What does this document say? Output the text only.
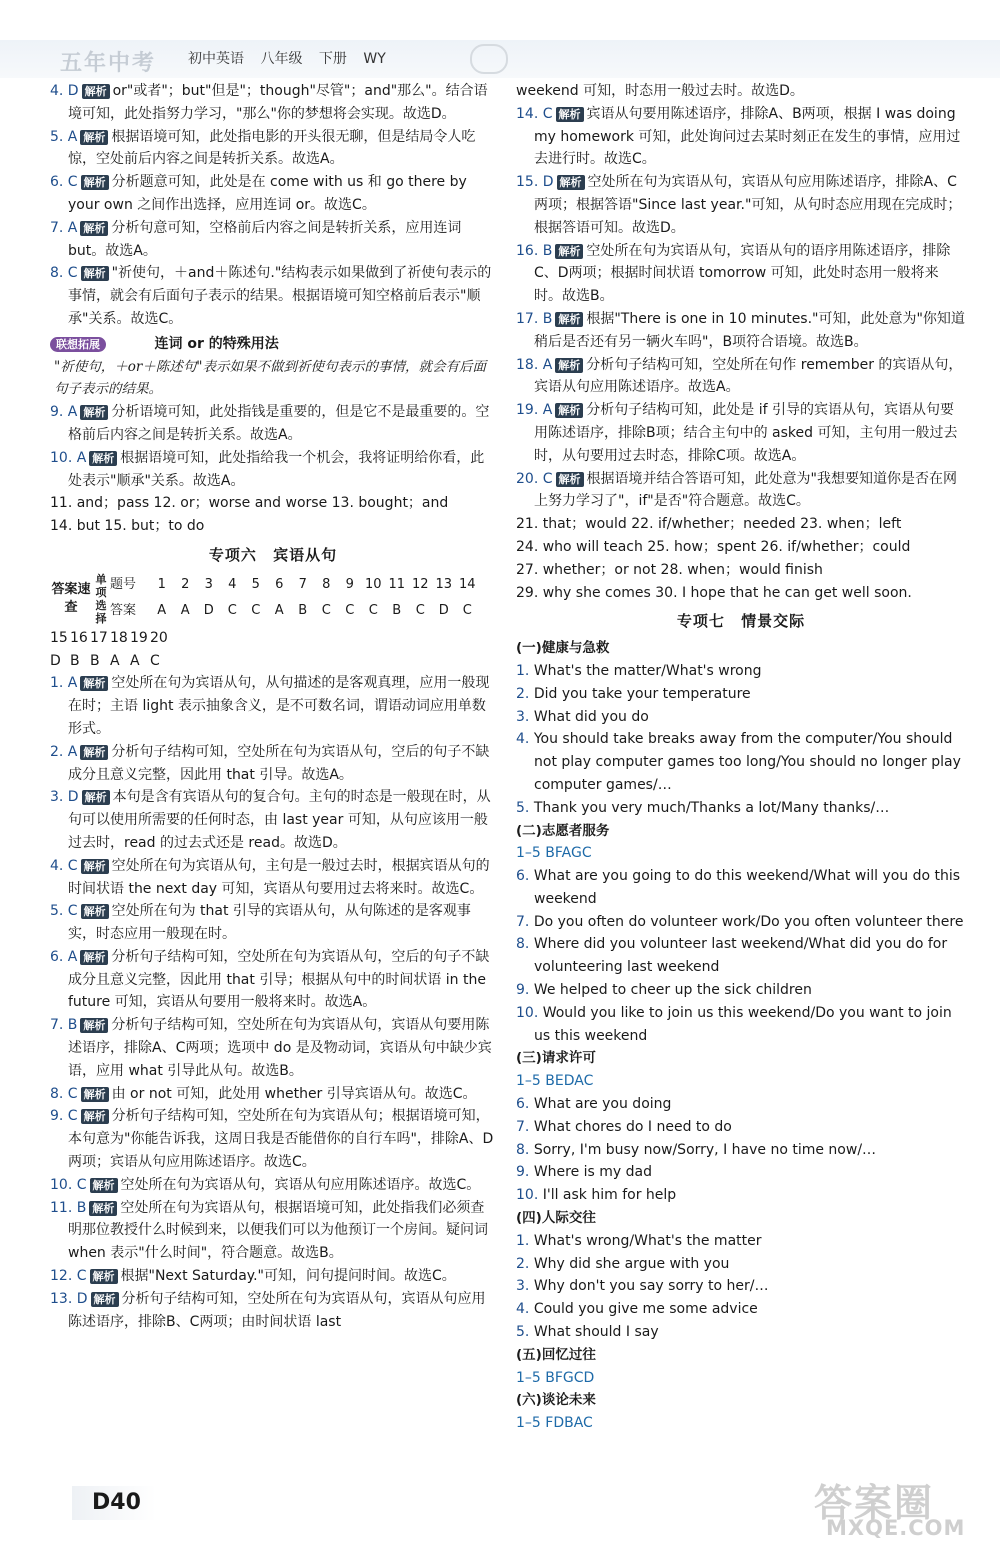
五年中考 初中英语 八年级 下册 WY

4. D 解析 or"或者"；but"但是"；though"尽管"；and"那么"。结合语境可知，此处指努力学习，"那么"你的梦想将会实现。故选D。

5. A 解析 根据语境可知，此处指电影的开头很无聊，但是结局令人吃惊，空处前后内容之间是转折关系。故选A。

6. C 解析 分析题意可知，此处是在 come with us 和 go there by your own 之间作出选择，应用连词 or。故选C。

7. A 解析 分析句意可知，空格前后内容之间是转折关系，应用连词 but。故选A。

8. C 解析 "祈使句，＋and＋陈述句."结构表示如果做到了祈使句表示的事情，就会有后面句子表示的结果。根据语境可知空格前后表示"顺承"关系。故选C。

联想拓展	连词 or 的特殊用法

"祈使句，＋or＋陈述句"表示如果不做到祈使句表示的事情，就会有后面句子表示的结果。

9. A 解析 分析语境可知，此处指钱是重要的，但是它不是最重要的。空格前后内容之间是转折关系。故选A。

10. A 解析 根据语境可知，此处指给我一个机会，我将证明给你看，此处表示"顺承"关系。故选A。

11. and；pass 12. or；worse and worse 13. bought；and

14. but 15. but；to do

专项六 宾语从句

答案速查	单项选择	题号	1 2 3 4 5 6 7 8 9 10 11 12 13 14
		答案	A A D C C A B C C C B C D C

15 16 17 18 19 20

D B B A A C

1. A 解析 空处所在句为宾语从句，从句描述的是客观真理，应用一般现在时；主语 light 表示抽象含义，是不可数名词，谓语动词应用单数形式。

2. A 解析 分析句子结构可知，空处所在句为宾语从句，空后的句子不缺成分且意义完整，因此用 that 引导。故选A。

3. D 解析 本句是含有宾语从句的复合句。主句的时态是一般现在时，从句可以使用所需要的任何时态，由 last year 可知，从句应该用一般过去时，read 的过去式还是 read。故选D。

4. C 解析 空处所在句为宾语从句，主句是一般过去时，根据宾语从句的时间状语 the next day 可知，宾语从句要用过去将来时。故选C。

5. C 解析 空处所在句为 that 引导的宾语从句，从句陈述的是客观事实，时态应用一般现在时。

6. A 解析 分析句子结构可知，空处所在句为宾语从句，空后的句子不缺成分且意义完整，因此用 that 引导；根据从句中的时间状语 in the future 可知，宾语从句要用一般将来时。故选A。

7. B 解析 分析句子结构可知，空处所在句为宾语从句，宾语从句要用陈述语序，排除A、C两项；选项中 do 是及物动词，宾语从句中缺少宾语，应用 what 引导此从句。故选B。

8. C 解析 由 or not 可知，此处用 whether 引导宾语从句。故选C。

9. C 解析 分析句子结构可知，空处所在句为宾语从句；根据语境可知，本句意为"你能告诉我，这周日我是否能借你的自行车吗"，排除A、D两项；宾语从句应用陈述语序。故选C。

10. C 解析 空处所在句为宾语从句，宾语从句应用陈述语序。故选C。

11. B 解析 空处所在句为宾语从句，根据语境可知，此处指我们必须查明那位教授什么时候到来，以便我们可以为他预订一个房间。疑问词 when 表示"什么时间"，符合题意。故选B。

12. C 解析 根据"Next Saturday."可知，问句提问时间。故选C。

13. D 解析 分析句子结构可知，空处所在句为宾语从句，宾语从句应用陈述语序，排除B、C两项；由时间状语 last

weekend 可知，时态用一般过去时。故选D。

14. C 解析 宾语从句要用陈述语序，排除A、B两项，根据 I was doing my homework 可知，此处询问过去某时刻正在发生的事情，应用过去进行时。故选C。

15. D 解析 空处所在句为宾语从句，宾语从句应用陈述语序，排除A、C两项；根据答语"Since last year."可知，从句时态应用现在完成时；根据答语可知。故选D。

16. B 解析 空处所在句为宾语从句，宾语从句的语序用陈述语序，排除C、D两项；根据时间状语 tomorrow 可知，此处时态用一般将来时。故选B。

17. B 解析 根据"There is one in 10 minutes."可知，此处意为"你知道稍后是否还有另一辆火车吗"，B项符合语境。故选B。

18. A 解析 分析句子结构可知，空处所在句作 remember 的宾语从句，宾语从句应用陈述语序。故选A。

19. A 解析 分析句子结构可知，此处是 if 引导的宾语从句，宾语从句要用陈述语序，排除B项；结合主句中的 asked 可知，主句用一般过去时，从句要用过去时态，排除C项。故选A。

20. C 解析 根据语境并结合答语可知，此处意为"我想要知道你是否在网上努力学习了"，if"是否"符合题意。故选C。

21. that；would 22. if/whether；needed 23. when；left

24. who will teach 25. how；spent 26. if/whether；could

27. whether；or not 28. when；would finish

29. why she comes 30. I hope that he can get well soon.

专项七 情景交际

(一)健康与急救

1. What's the matter/What's wrong

2. Did you take your temperature

3. What did you do

4. You should take breaks away from the computer/You should not play computer games too long/You should no longer play computer games/…

5. Thank you very much/Thanks a lot/Many thanks/…

(二)志愿者服务

1–5 BFAGC

6. What are you going to do this weekend/What will you do this weekend

7. Do you often do volunteer work/Do you often volunteer there

8. Where did you volunteer last weekend/What did you do for volunteering last weekend

9. We helped to cheer up the sick children

10. Would you like to join us this weekend/Do you want to join us this weekend

(三)请求许可

1–5 BEDAC

6. What are you doing

7. What chores do I need to do

8. Sorry, I'm busy now/Sorry, I have no time now/…

9. Where is my dad

10. I'll ask him for help

(四)人际交往

1. What's wrong/What's the matter

2. Why did she argue with you

3. Why don't you say sorry to her/…

4. Could you give me some advice

5. What should I say

(五)回忆过往

1–5 BFGCD

(六)谈论未来

1–5 FDBAC

D40	答案圈
MXQE.COM
